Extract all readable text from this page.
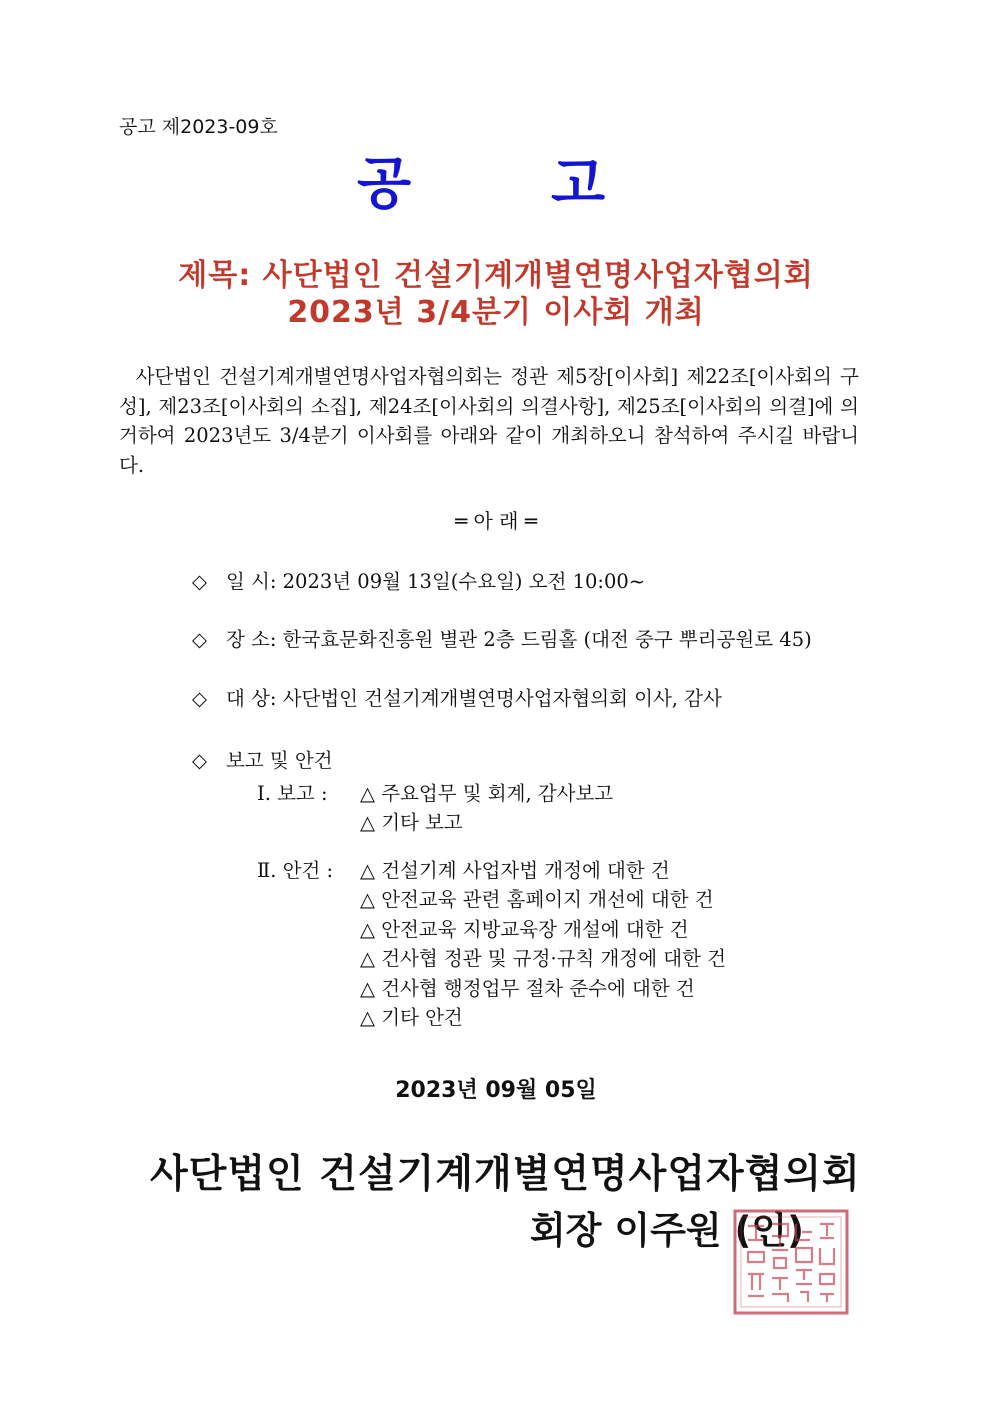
공고 제2023-09호
공 고
제목: 사단법인 건설기계개별연명사업자협의회
2023년 3/4분기 이사회 개최
사단법인 건설기계개별연명사업자협의회는 정관 제5장[이사회] 제22조[이사회의 구성], 제23조[이사회의 소집], 제24조[이사회의 의결사항], 제25조[이사회의 의결]에 의거하여 2023년도 3/4분기 이사회를 아래와 같이 개최하오니 참석하여 주시길 바랍니다.
═ 아 래 ═
◇ 일 시: 2023년 09월 13일(수요일) 오전 10:00~
◇ 장 소: 한국효문화진흥원 별관 2층 드림홀 (대전 중구 뿌리공원로 45)
◇ 대 상: 사단법인 건설기계개별연명사업자협의회 이사, 감사
◇ 보고 및 안건
Ⅰ. 보고 : △ 주요업무 및 회계, 감사보고
△ 기타 보고
Ⅱ. 안건 : △ 건설기계 사업자법 개정에 대한 건
△ 안전교육 관련 홈페이지 개선에 대한 건
△ 안전교육 지방교육장 개설에 대한 건
△ 건사협 정관 및 규정·규칙 개정에 대한 건
△ 건사협 행정업무 절차 준수에 대한 건
△ 기타 안건
2023년 09월 05일
사단법인 건설기계개별연명사업자협의회
회장 이주원 (인)
